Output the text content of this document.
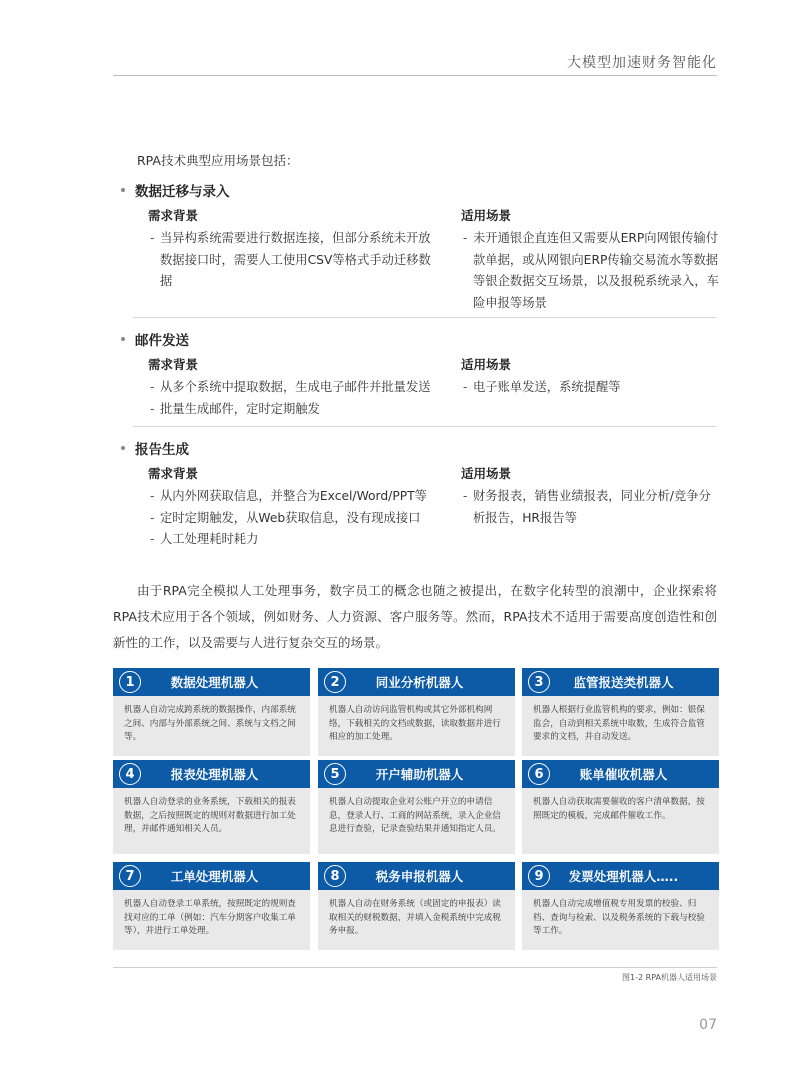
大模型加速财务智能化
RPA技术典型应用场景包括：
数据迁移与录入
需求背景
- 当异构系统需要进行数据连接，但部分系统未开放数据接口时，需要人工使用CSV等格式手动迁移数据
适用场景
- 未开通银企直连但又需要从ERP向网银传输付款单据，或从网银向ERP传输交易流水等数据等银企数据交互场景，以及报税系统录入，车险申报等场景
邮件发送
需求背景
- 从多个系统中提取数据，生成电子邮件并批量发送
- 批量生成邮件，定时定期触发
适用场景
- 电子账单发送，系统提醒等
报告生成
需求背景
- 从内外网获取信息，并整合为Excel/Word/PPT等
- 定时定期触发，从Web获取信息，没有现成接口
- 人工处理耗时耗力
适用场景
- 财务报表，销售业绩报表，同业分析/竞争分析报告，HR报告等
由于RPA完全模拟人工处理事务，数字员工的概念也随之被提出，在数字化转型的浪潮中，企业探索将RPA技术应用于各个领域，例如财务、人力资源、客户服务等。然而，RPA技术不适用于需要高度创造性和创新性的工作，以及需要与人进行复杂交互的场景。
1	数据处理机器人
机器人自动完成跨系统的数据操作，内部系统之间、内部与外部系统之间、系统与文档之间等。
2	同业分析机器人
机器人自动访问监管机构或其它外部机构网络，下载相关的文档或数据，读取数据并进行相应的加工处理。
3	监管报送类机器人
机器人根据行业监管机构的要求，例如：银保监会，自动到相关系统中取数，生成符合监管要求的文档，并自动发送。
4	报表处理机器人
机器人自动登录的业务系统，下载相关的报表数据，之后按照既定的规则对数据进行加工处理，并邮件通知相关人员。
5	开户辅助机器人
机器人自动提取企业对公账户开立的申请信息，登录人行、工商的网站系统，录入企业信息进行查验，记录查验结果并通知指定人员。
6	账单催收机器人
机器人自动获取需要催收的客户清单数据，按照既定的模板，完成邮件催收工作。
7	工单处理机器人
机器人自动登录工单系统，按照既定的规则查找对应的工单（例如：汽车分期客户收集工单等），并进行工单处理。
8	税务申报机器人
机器人自动在财务系统（或固定的申报表）读取相关的财税数据，并填入金税系统中完成税务申报。
9	发票处理机器人…..
机器人自动完成增值税专用发票的校验、归档、查询与检索、以及税务系统的下载与校验等工作。
图1-2 RPA机器人适用场景
07
